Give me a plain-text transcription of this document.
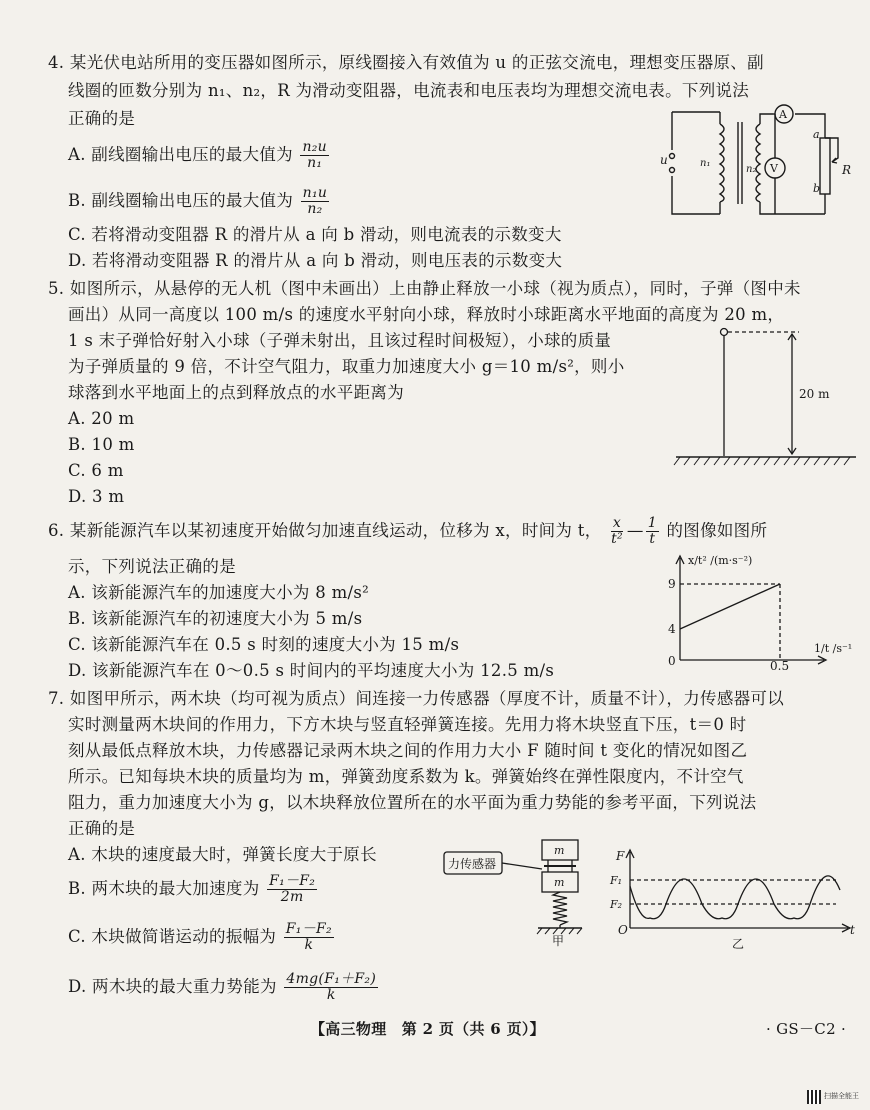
4. 某光伏电站所用的变压器如图所示，原线圈接入有效值为 u 的正弦交流电，理想变压器原、副
线圈的匝数分别为 n₁、n₂，R 为滑动变阻器，电流表和电压表均为理想交流电表。下列说法
正确的是
A. 副线圈输出电压的最大值为 $\frac{\text{n₂u}}{\text{n₁}}$
B. 副线圈输出电压的最大值为 $\frac{\text{n₁u}}{\text{n₂}}$
C. 若将滑动变阻器 R 的滑片从 a 向 b 滑动，则电流表的示数变大
D. 若将滑动变阻器 R 的滑片从 a 向 b 滑动，则电压表的示数变大
u	n₁
n₂
A
V
a
b
R
5. 如图所示，从悬停的无人机（图中未画出）上由静止释放一小球（视为质点），同时，子弹（图中未
画出）从同一高度以 100 m/s 的速度水平射向小球，释放时小球距离水平地面的高度为 20 m，
1 s 末子弹恰好射入小球（子弹未射出，且该过程时间极短），小球的质量
为子弹质量的 9 倍，不计空气阻力，取重力加速度大小 g＝10 m/s²，则小
球落到水平地面上的点到释放点的水平距离为
A. 20 m
B. 10 m
C. 6 m
D. 3 m
20 m
6. 某新能源汽车以某初速度开始做匀加速直线运动，位移为 x，时间为 t， $\frac{x}{\text{t²}}$ — $\frac{1}{t}$ 的图像如图所
示，下列说法正确的是
A. 该新能源汽车的加速度大小为 8 m/s²
B. 该新能源汽车的初速度大小为 5 m/s
C. 该新能源汽车在 0.5 s 时刻的速度大小为 15 m/s
D. 该新能源汽车在 0～0.5 s 时间内的平均速度大小为 12.5 m/s
x/t² /(m·s⁻²)
9
4
0	0.5
1/t /s⁻¹
7. 如图甲所示，两木块（均可视为质点）间连接一力传感器（厚度不计，质量不计），力传感器可以
实时测量两木块间的作用力，下方木块与竖直轻弹簧连接。先用力将木块竖直下压，t＝0 时
刻从最低点释放木块，力传感器记录两木块之间的作用力大小 F 随时间 t 变化的情况如图乙
所示。已知每块木块的质量均为 m，弹簧劲度系数为 k。弹簧始终在弹性限度内，不计空气
阻力，重力加速度大小为 g，以木块释放位置所在的水平面为重力势能的参考平面，下列说法
正确的是
A. 木块的速度最大时，弹簧长度大于原长
B. 两木块的最大加速度为 $\frac{\text{F₁－F₂}}{2m}$
C. 木块做简谐运动的振幅为 $\frac{\text{F₁－F₂}}{k}$
D. 两木块的最大重力势能为 $\frac{\text{4mg(F₁＋F₂)}}{k}$
力传感器
m
m
甲
F
F₁
F₂
O	t
乙
【高三物理　第 2 页（共 6 页）】	· GS－C2 ·
扫描全能王
